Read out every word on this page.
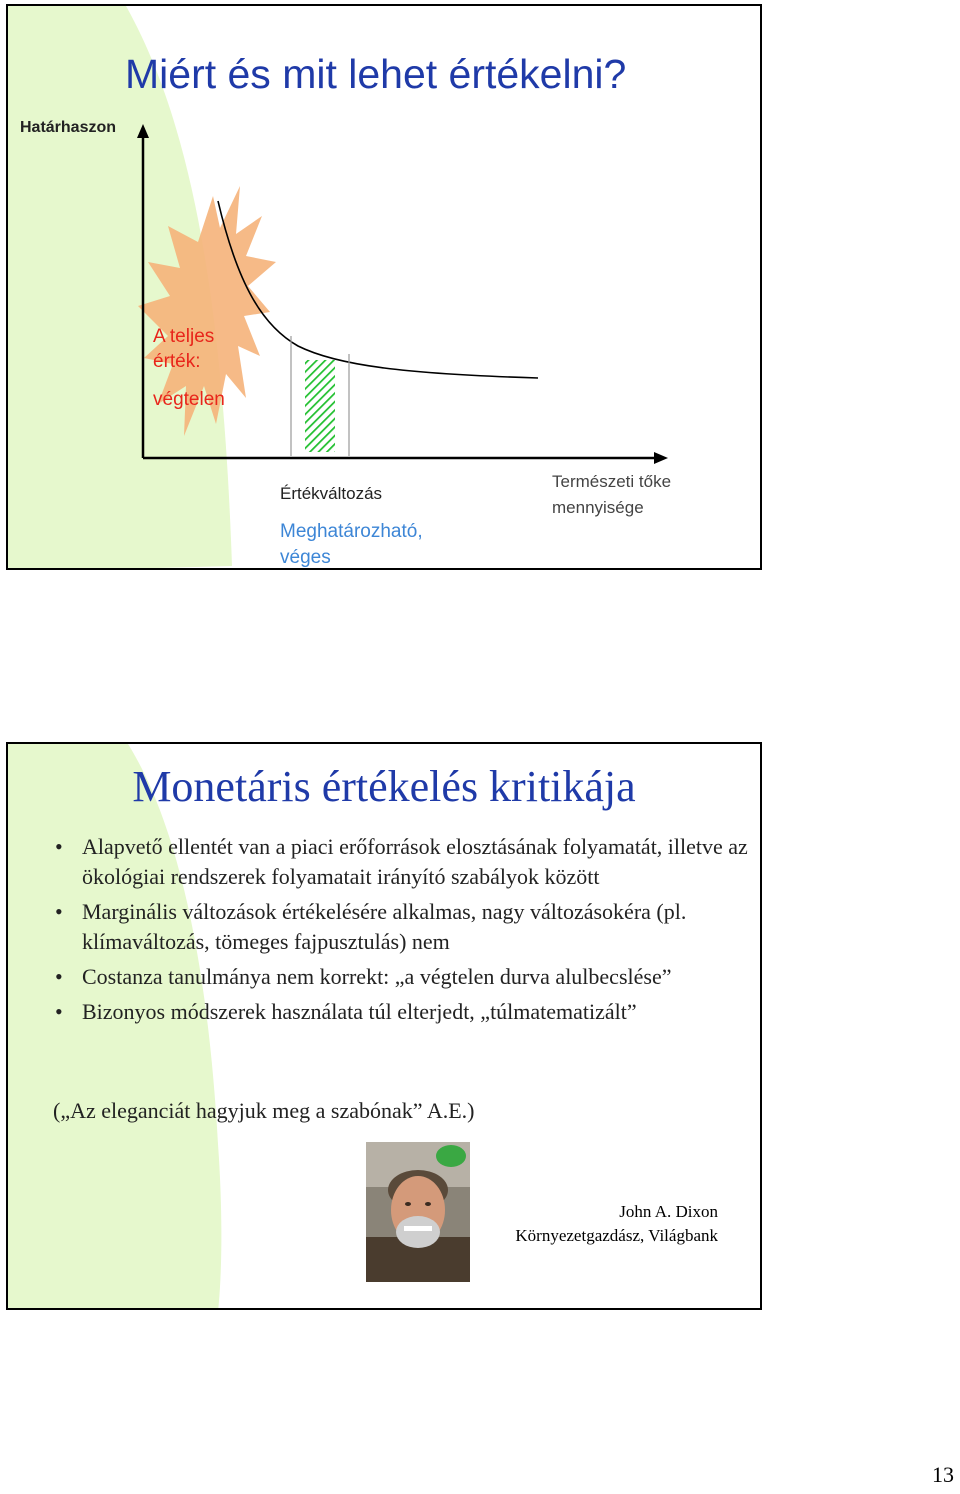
Miért és mit lehet értékelni?
Határhaszon
A teljes
érték:
végtelen
Értékváltozás
Meghatározható,
véges
Természeti tőke
mennyisége
Monetáris értékelés kritikája
• Alapvető ellentét van a piaci erőforrások elosztásának folyamatát, illetve az ökológiai rendszerek folyamatait irányító szabályok között
• Marginális változások értékelésére alkalmas, nagy változásokéra (pl. klímaváltozás, tömeges fajpusztulás) nem
• Costanza tanulmánya nem korrekt: „a végtelen durva alulbecslése”
• Bizonyos módszerek használata túl elterjedt, „túlmatematizált”
(„Az eleganciát hagyjuk meg a szabónak” A.E.)
John A. Dixon
Környezetgazdász, Világbank
13
